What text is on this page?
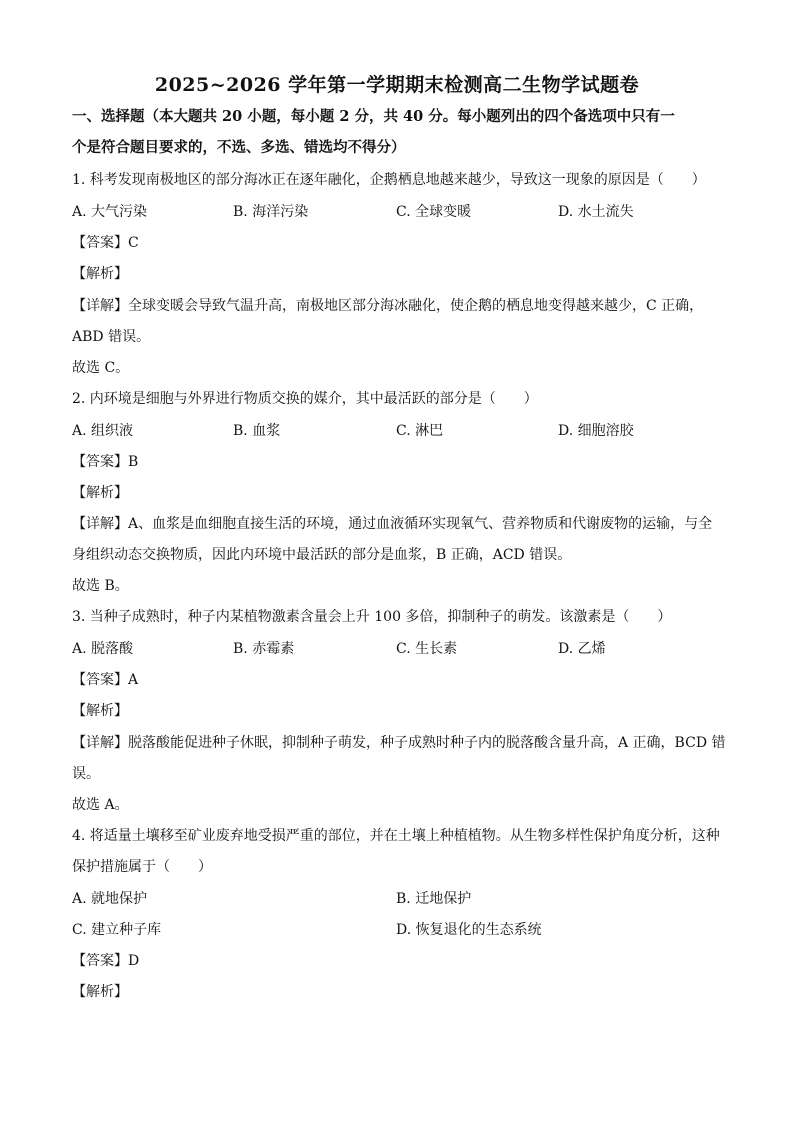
2025~2026 学年第一学期期末检测高二生物学试题卷
一、选择题（本大题共 20 小题，每小题 2 分，共 40 分。每小题列出的四个备选项中只有一
个是符合题目要求的，不选、多选、错选均不得分）
1. 科考发现南极地区的部分海冰正在逐年融化，企鹅栖息地越来越少，导致这一现象的原因是（　　）
A. 大气污染	B. 海洋污染	C. 全球变暖	D. 水土流失
【答案】C
【解析】
【详解】全球变暖会导致气温升高，南极地区部分海冰融化，使企鹅的栖息地变得越来越少，C 正确，
ABD 错误。
故选 C。
2. 内环境是细胞与外界进行物质交换的媒介，其中最活跃的部分是（　　）
A. 组织液	B. 血浆	C. 淋巴	D. 细胞溶胶
【答案】B
【解析】
【详解】A、血浆是血细胞直接生活的环境，通过血液循环实现氧气、营养物质和代谢废物的运输，与全
身组织动态交换物质，因此内环境中最活跃的部分是血浆，B 正确，ACD 错误。
故选 B。
3. 当种子成熟时，种子内某植物激素含量会上升 100 多倍，抑制种子的萌发。该激素是（　　）
A. 脱落酸	B. 赤霉素	C. 生长素	D. 乙烯
【答案】A
【解析】
【详解】脱落酸能促进种子休眠，抑制种子萌发，种子成熟时种子内的脱落酸含量升高，A 正确，BCD 错
误。
故选 A。
4. 将适量土壤移至矿业废弃地受损严重的部位，并在土壤上种植植物。从生物多样性保护角度分析，这种
保护措施属于（　　）
A. 就地保护	B. 迁地保护
C. 建立种子库	D. 恢复退化的生态系统
【答案】D
【解析】
